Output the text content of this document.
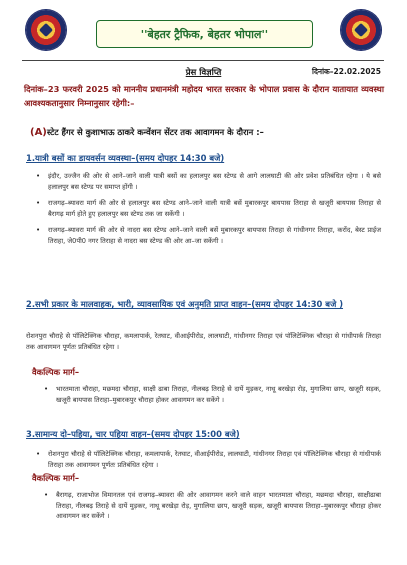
''बेहतर ट्रैफिक, बेहतर भोपाल''
प्रेस विज्ञप्ति	दिनांक–22.02.2025
दिनांक–23 फरवरी 2025 को माननीय प्रधानमंत्री महोदय भारत सरकार के भोपाल प्रवास के दौरान यातायात व्यवस्था आवश्यकतानुसार निम्नानुसार रहेगी:–
(A)स्टेट हैंगर से कुशाभाऊ ठाकरे कन्वेंशन सेंटर तक आवागमन के दौरान :–
1.यात्री बसों का डायवर्सन व्यवस्था–(समय दोपहर 14:30 बजे)
• इंदौर, उज्जैन की ओर से आने–जाने वाली यात्री बसों का हलालपुर बस स्टेण्ड से आगे लालघाटी की ओर प्रवेश प्रतिबंधित रहेगा । ये बसे हलालपुर बस स्टेण्ड पर समाप्त होंगी ।
• राजगढ़–ब्यावरा मार्ग की ओर से हलालपुर बस स्टेण्ड आने–जाने वाली यात्री बसें मुबारकपुर बायपास तिराहा से खजूरी बायपास तिराहा से बैरागढ़ मार्ग होते हुए हलालपुर बस स्टेण्ड तक जा सकेंगी ।
• राजगढ़–ब्यावरा मार्ग की ओर से नादरा बस स्टेण्ड आने–जाने वाली बसें मुबारकपुर बायपास तिराहा से गांधीनगर तिराहा, करोंद, बेस्ट प्राईज तिराहा, जे0पी0 नगर तिराहा से नादरा बस स्टेण्ड की ओर आ–जा सकेंगी ।
2.सभी प्रकार के मालवाहक, भारी, व्यावसायिक एवं अनुमति प्राप्त वाहन–(समय दोपहर 14:30 बजे )
रोशनपुरा चौराहे से पॉलिटेक्निक चौराहा, कमलापार्क, रेतघाट, वीआईपीरोड, लालघाटी, गांधीनगर तिराहा एवं पॉलिटेक्निक चौराहा से गांधीपार्क तिराहा तक आवागमन पूर्णतः प्रतिबंधित रहेगा ।
वैकल्पिक मार्ग–
• भारतमाता चौराहा, मछमदा चौराहा, साक्षी ढाबा तिराहा, नीलबढ़ तिराहे से दायें मुड़कर, नाथू बरखेड़ा रोड़, मुगालिया छाप, खजूरी सड़क, खजूरी बायपास तिराहा–मुबारकपुर चौराहा होकर आवागमन कर सकेंगे ।
3.सामान्य दो–पहिया, चार पहिया वाहन–(समय दोपहर 15:00 बजे)
• रोशनपुरा चौराहे से पॉलिटेक्निक चौराहा, कमलापार्क, रेतघाट, वीआईपीरोड, लालघाटी, गांधीनगर तिराहा एवं पॉलिटेक्निक चौराहा से गांधीपार्क तिराहा तक आवागमन पूर्णतः प्रतिबंधित रहेगा ।
वैकल्पिक मार्ग–
• बैरागढ़, राजाभोज विमानतल एवं राजगढ़–ब्यावरा की ओर आवागमन करने वाले वाहन भारतमाता चौराहा, मछमदा चौराहा, साक्षीढाबा तिराहा, नीलबढ़ तिराहे से दायें मुड़कर, नाथू बरखेड़ा रोड़, मुगालिया छाप, खजूरी सड़क, खजूरी बायपास तिराहा–मुबारकपुर चौराहा होकर आवागमन कर सकेंगे ।
